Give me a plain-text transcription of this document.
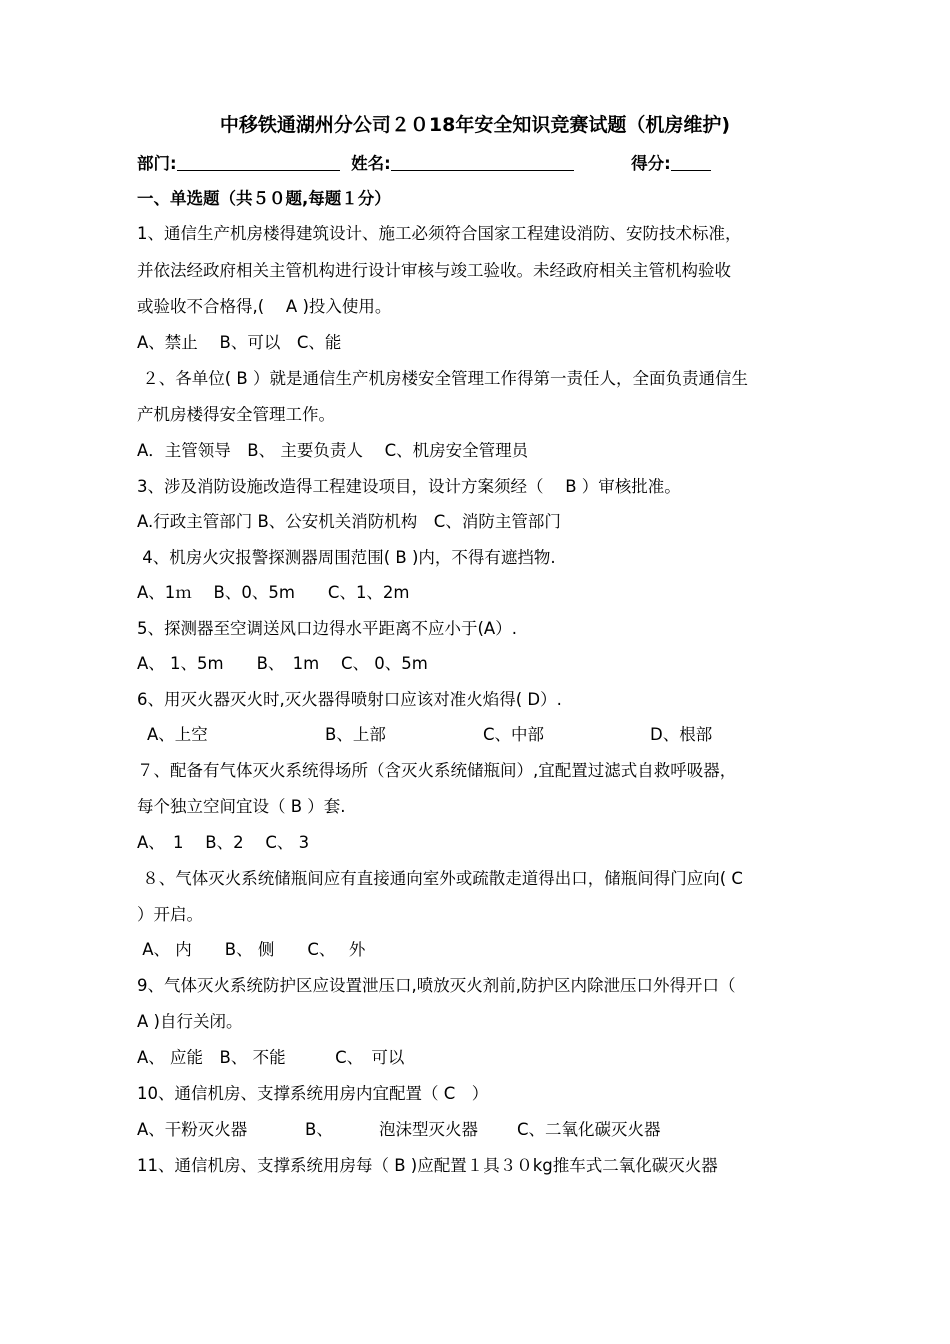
中移铁通湖州分公司２０18年安全知识竞赛试题（机房维护)
部门:	姓名:	得分:
一、单选题（共５０题,每题１分）
1、通信生产机房楼得建筑设计、施工必须符合国家工程建设消防、安防技术标准，
并依法经政府相关主管机构进行设计审核与竣工验收。未经政府相关主管机构验收
或验收不合格得,(　 A )投入使用。
A、禁止　 B、可以　C、能
２、各单位( B ）就是通信生产机房楼安全管理工作得第一责任人，全面负责通信生
产机房楼得安全管理工作。
A．主管领导　B、 主要负责人　 C、机房安全管理员
3、涉及消防设施改造得工程建设项目，设计方案须经（　 B ）审核批准。
A.行政主管部门 B、公安机关消防机构　C、消防主管部门
4、机房火灾报警探测器周围范围( B )内，不得有遮挡物.
A、1ｍ　 B、0、5m　　C、1、2m
5、探测器至空调送风口边得水平距离不应小于(A）.
A、 1、5m　　B、　1m　 C、 0、5m
6、用灭火器灭火时,灭火器得喷射口应该对准火焰得( D）.
A、上空	B、上部	C、中部	D、根部
７、配备有气体灭火系统得场所（含灭火系统储瓶间）,宜配置过滤式自救呼吸器，
每个独立空间宜设（ B ）套.
A、　1　 B、2　 C、 3
８、气体灭火系统储瓶间应有直接通向室外或疏散走道得出口，储瓶间得门应向( C
）开启。
A、 内　　B、 侧　　C、　 外
9、气体灭火系统防护区应设置泄压口,喷放灭火剂前,防护区内除泄压口外得开口（
A )自行关闭。
A、 应能　B、 不能　　　C、　可以
10、通信机房、支撑系统用房内宜配置（ C　）
A、干粉灭火器	B、	泡沫型灭火器 C、二氧化碳灭火器
11、通信机房、支撑系统用房每（ B )应配置１具３０kg推车式二氧化碳灭火器
